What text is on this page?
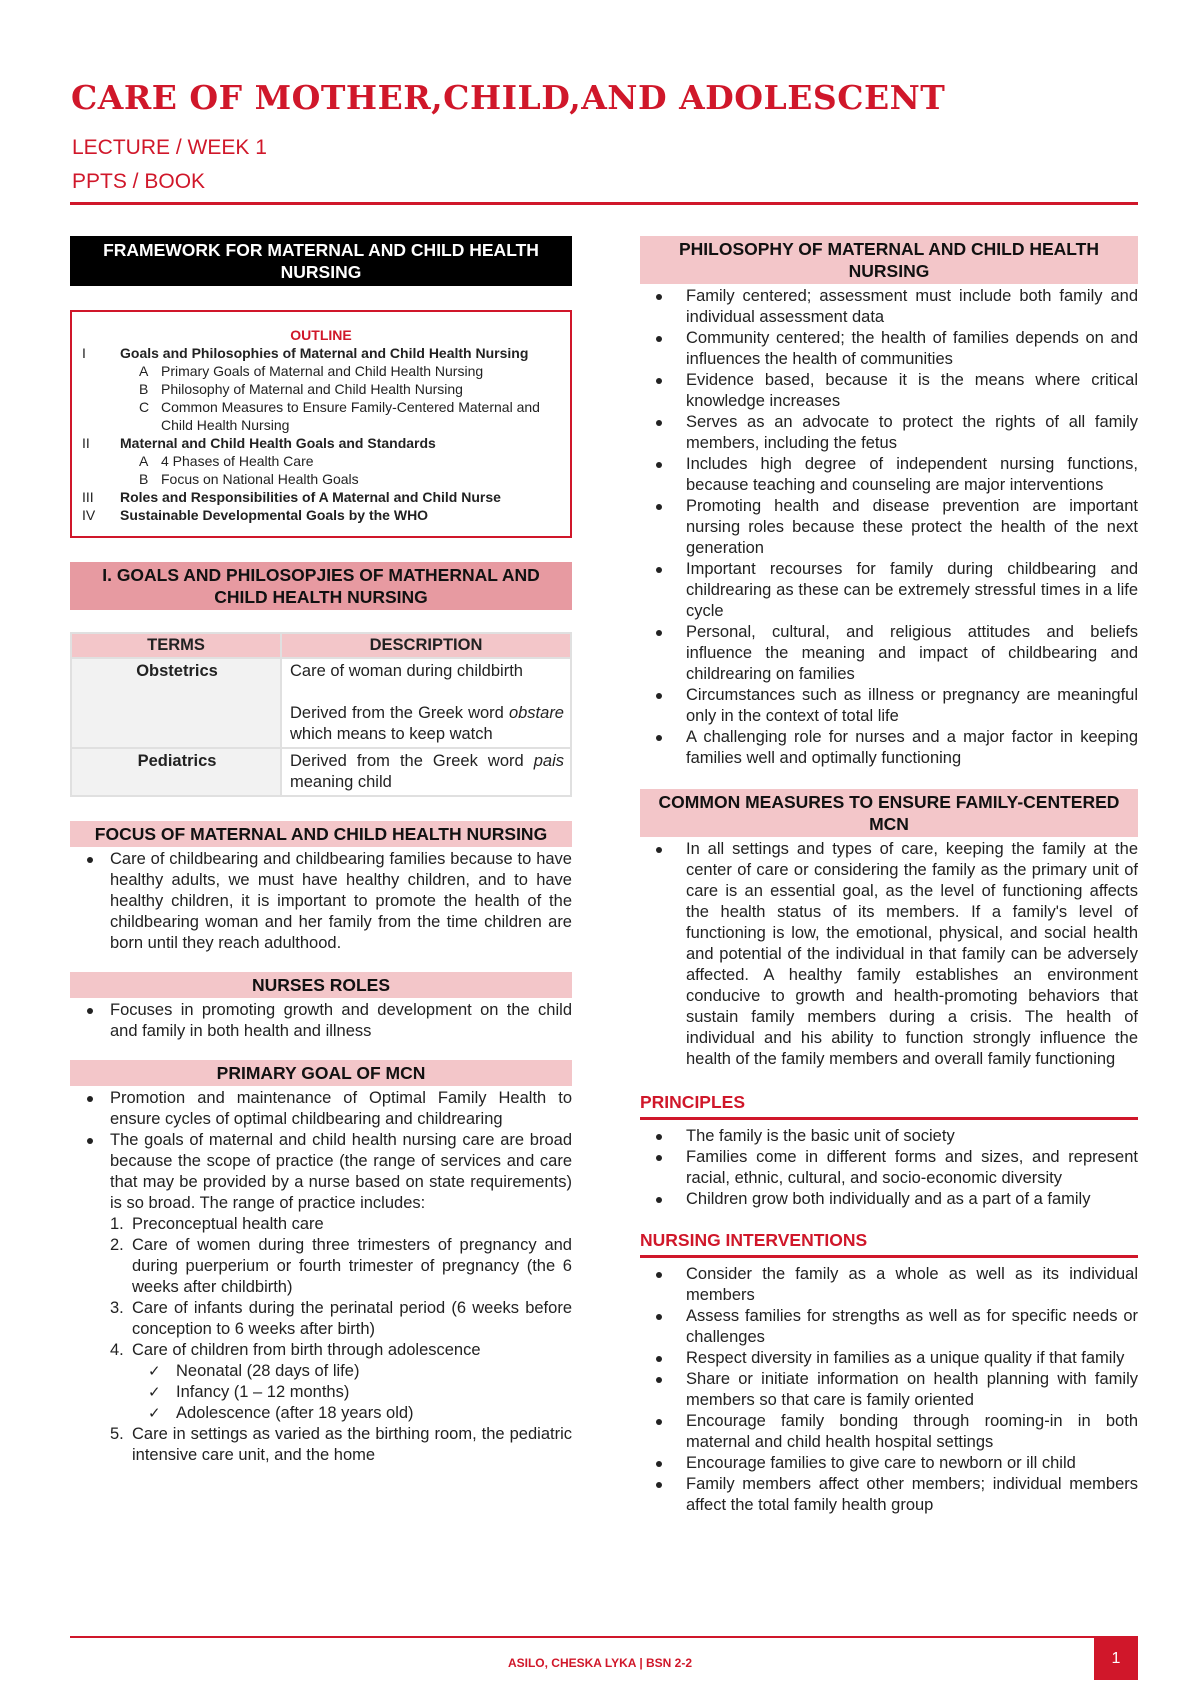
CARE OF MOTHER,CHILD,AND ADOLESCENT
LECTURE / WEEK 1
PPTS / BOOK
FRAMEWORK FOR MATERNAL AND CHILD HEALTH NURSING
OUTLINE
I	Goals and Philosophies of Maternal and Child Health Nursing
A Primary Goals of Maternal and Child Health Nursing
B Philosophy of Maternal and Child Health Nursing
C Common Measures to Ensure Family-Centered Maternal and Child Health Nursing
II	Maternal and Child Health Goals and Standards
A 4 Phases of Health Care
B Focus on National Health Goals
III	Roles and Responsibilities of A Maternal and Child Nurse
IV	Sustainable Developmental Goals by the WHO
I. GOALS AND PHILOSOPJIES OF MATHERNAL AND CHILD HEALTH NURSING
TERMS	DESCRIPTION
Obstetrics	Care of woman during childbirth
Derived from the Greek word obstare which means to keep watch

Pediatrics	Derived from the Greek word pais meaning child
FOCUS OF MATERNAL AND CHILD HEALTH NURSING
Care of childbearing and childbearing families because to have healthy adults, we must have healthy children, and to have healthy children, it is important to promote the health of the childbearing woman and her family from the time children are born until they reach adulthood.
NURSES ROLES
Focuses in promoting growth and development on the child and family in both health and illness
PRIMARY GOAL OF MCN
Promotion and maintenance of Optimal Family Health to ensure cycles of optimal childbearing and childrearing
The goals of maternal and child health nursing care are broad because the scope of practice (the range of services and care that may be provided by a nurse based on state requirements) is so broad. The range of practice includes:
1. Preconceptual health care
2. Care of women during three trimesters of pregnancy and during puerperium or fourth trimester of pregnancy (the 6 weeks after childbirth)
3. Care of infants during the perinatal period (6 weeks before conception to 6 weeks after birth)
4. Care of children from birth through adolescence
✓ Neonatal (28 days of life)
✓ Infancy (1 – 12 months)
✓ Adolescence (after 18 years old)
5. Care in settings as varied as the birthing room, the pediatric intensive care unit, and the home
PHILOSOPHY OF MATERNAL AND CHILD HEALTH NURSING
Family centered; assessment must include both family and individual assessment data
Community centered; the health of families depends on and influences the health of communities
Evidence based, because it is the means where critical knowledge increases
Serves as an advocate to protect the rights of all family members, including the fetus
Includes high degree of independent nursing functions, because teaching and counseling are major interventions
Promoting health and disease prevention are important nursing roles because these protect the health of the next generation
Important recourses for family during childbearing and childrearing as these can be extremely stressful times in a life cycle
Personal, cultural, and religious attitudes and beliefs influence the meaning and impact of childbearing and childrearing on families
Circumstances such as illness or pregnancy are meaningful only in the context of total life
A challenging role for nurses and a major factor in keeping families well and optimally functioning
COMMON MEASURES TO ENSURE FAMILY-CENTERED MCN
In all settings and types of care, keeping the family at the center of care or considering the family as the primary unit of care is an essential goal, as the level of functioning affects the health status of its members. If a family's level of functioning is low, the emotional, physical, and social health and potential of the individual in that family can be adversely affected. A healthy family establishes an environment conducive to growth and health-promoting behaviors that sustain family members during a crisis. The health of individual and his ability to function strongly influence the health of the family members and overall family functioning
PRINCIPLES
The family is the basic unit of society
Families come in different forms and sizes, and represent racial, ethnic, cultural, and socio-economic diversity
Children grow both individually and as a part of a family
NURSING INTERVENTIONS
Consider the family as a whole as well as its individual members
Assess families for strengths as well as for specific needs or challenges
Respect diversity in families as a unique quality if that family
Share or initiate information on health planning with family members so that care is family oriented
Encourage family bonding through rooming-in in both maternal and child health hospital settings
Encourage families to give care to newborn or ill child
Family members affect other members; individual members affect the total family health group
ASILO, CHESKA LYKA | BSN 2-2	1
